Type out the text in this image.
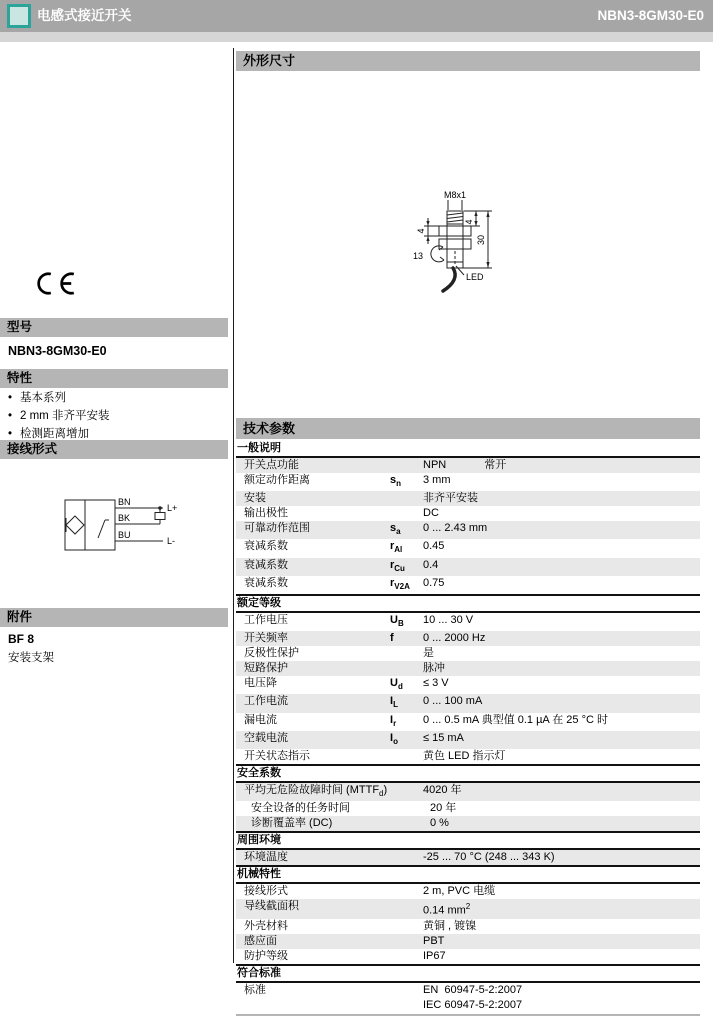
电感式接近开关	NBN3-8GM30-E0
型号
NBN3-8GM30-E0
特性
• 基本系列
• 2 mm 非齐平安装
• 检测距离增加
接线形式
BN
BK
BU
L+
L-
附件
BF 8
安装支架
外形尺寸
M8x1
4
30
4
13
LED
技术参数
一般说明
开关点功能	NPN	常开
额定动作距离	$s_n$	3 mm
安装	非齐平安装
输出极性	DC
可靠动作范围	$s_a$	0 ... 2.43 mm
衰减系数	$r_{Al}$	0.45
衰减系数	$r_{Cu}$	0.4
衰减系数	$r_{V2A}$	0.75
额定等级
工作电压	$U_B$	10 ... 30 V
开关频率	f	0 ... 2000 Hz
反极性保护	是
短路保护	脉冲
电压降	$U_d$	≤ 3 V
工作电流	$I_L$	0 ... 100 mA
漏电流	$I_r$	0 ... 0.5 mA 典型值 0.1 µA 在 25 °C 时
空载电流	$I_o$	≤ 15 mA
开关状态指示	黄色 LED 指示灯
安全系数
平均无危险故障时间 $(MTTF_d)$	4020 年
安全设备的任务时间	20 年
诊断覆盖率 (DC)	0 %
周围环境
环境温度	-25 ... 70 °C (248 ... 343 K)
机械特性
接线形式	2 m, PVC 电缆
导线截面积	0.14 $mm^2$
外壳材料	黄铜 , 镀镍
感应面	PBT
防护等级	IP67
符合标准
标准	EN  60947-5-2:2007
IEC 60947-5-2:2007
